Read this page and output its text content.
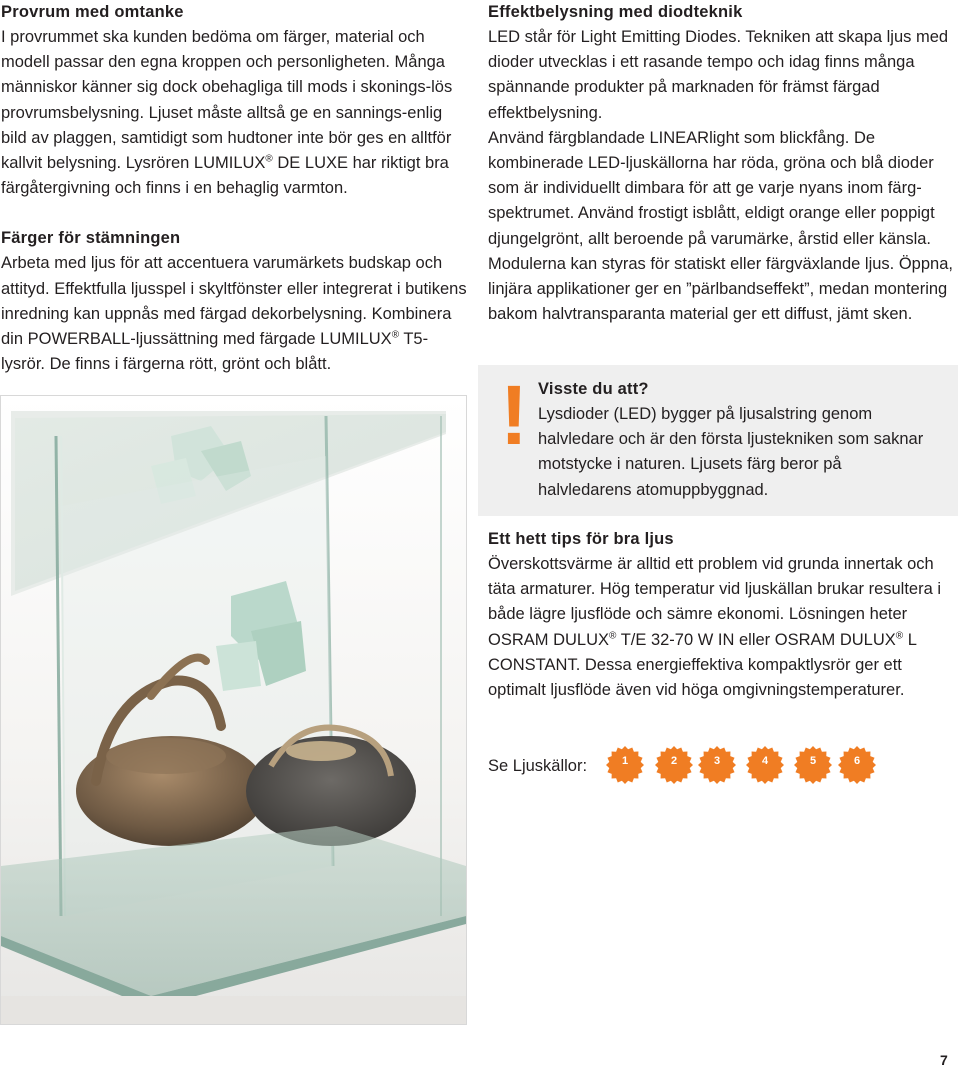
Provrum med omtanke

I provrummet ska kunden bedöma om färger, material och modell passar den egna kroppen och personligheten. Många människor känner sig dock obehagliga till mods i skonings-lös provrumsbelysning. Ljuset måste alltså ge en sannings-enlig bild av plaggen, samtidigt som hudtoner inte bör ges en alltför kallvit belysning. Lysrören LUMILUX® DE LUXE har riktigt bra färgåtergivning och finns i en behaglig varmton.

Färger för stämningen

Arbeta med ljus för att accentuera varumärkets budskap och attityd. Effektfulla ljusspel i skyltfönster eller integrerat i butikens inredning kan uppnås med färgad dekorbelysning. Kombinera din POWERBALL-ljussättning med färgade LUMILUX® T5-lysrör. De finns i färgerna rött, grönt och blått.

Effektbelysning med diodteknik

LED står för Light Emitting Diodes. Tekniken att skapa ljus med dioder utvecklas i ett rasande tempo och idag finns många spännande produkter på marknaden för främst färgad effektbelysning.

Använd färgblandade LINEARlight som blickfång. De kombinerade LED-ljuskällorna har röda, gröna och blå dioder som är individuellt dimbara för att ge varje nyans inom färg-spektrumet. Använd frostigt isblått, eldigt orange eller poppigt djungelgrönt, allt beroende på varumärke, årstid eller känsla. Modulerna kan styras för statiskt eller färgväxlande ljus. Öppna, linjära applikationer ger en ”pärlbandseffekt”, medan montering bakom halvtransparanta material ger ett diffust, jämt sken.

! Visste du att?

Lysdioder (LED) bygger på ljusalstring genom halvledare och är den första ljustekniken som saknar motstycke i naturen. Ljusets färg beror på halvledarens atomuppbyggnad.

Ett hett tips för bra ljus

Överskottsvärme är alltid ett problem vid grunda innertak och täta armaturer. Hög temperatur vid ljuskällan brukar resultera i både lägre ljusflöde och sämre ekonomi. Lösningen heter OSRAM DULUX® T/E 32-70 W IN eller OSRAM DULUX® L CONSTANT. Dessa energieffektiva kompaktlysrör ger ett optimalt ljusflöde även vid höga omgivningstemperaturer.

Se Ljuskällor:	1	2	3	4	5	6
7
